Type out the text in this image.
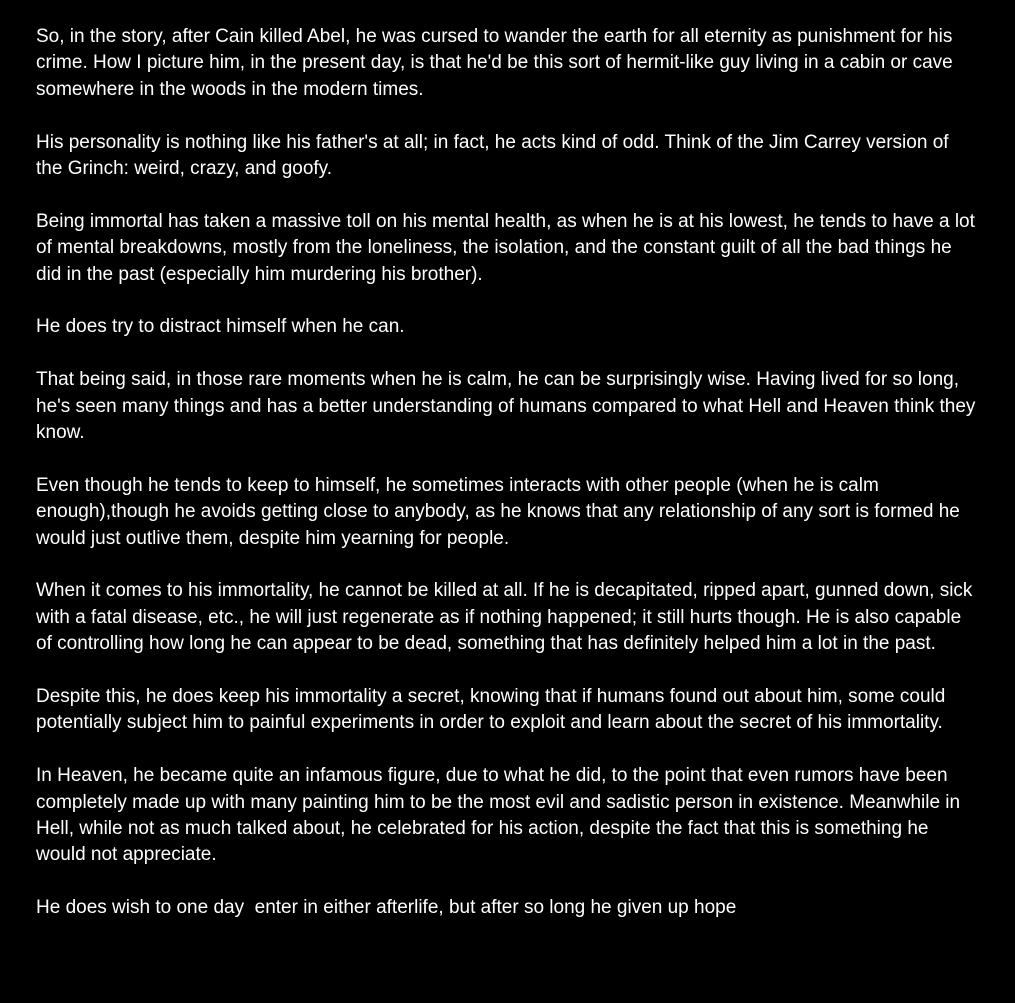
So, in the story, after Cain killed Abel, he was cursed to wander the earth for all eternity as punishment for his crime. How I picture him, in the present day, is that he'd be this sort of hermit-like guy living in a cabin or cave somewhere in the woods in the modern times.

His personality is nothing like his father's at all; in fact, he acts kind of odd. Think of the Jim Carrey version of the Grinch: weird, crazy, and goofy.

Being immortal has taken a massive toll on his mental health, as when he is at his lowest, he tends to have a lot of mental breakdowns, mostly from the loneliness, the isolation, and the constant guilt of all the bad things he did in the past (especially him murdering his brother).

He does try to distract himself when he can.

That being said, in those rare moments when he is calm, he can be surprisingly wise. Having lived for so long, he's seen many things and has a better understanding of humans compared to what Hell and Heaven think they know.

Even though he tends to keep to himself, he sometimes interacts with other people (when he is calm enough),though he avoids getting close to anybody, as he knows that any relationship of any sort is formed he would just outlive them, despite him yearning for people.

When it comes to his immortality, he cannot be killed at all. If he is decapitated, ripped apart, gunned down, sick with a fatal disease, etc., he will just regenerate as if nothing happened; it still hurts though. He is also capable of controlling how long he can appear to be dead, something that has definitely helped him a lot in the past.

Despite this, he does keep his immortality a secret, knowing that if humans found out about him, some could potentially subject him to painful experiments in order to exploit and learn about the secret of his immortality.

In Heaven, he became quite an infamous figure, due to what he did, to the point that even rumors have been completely made up with many painting him to be the most evil and sadistic person in existence. Meanwhile in Hell, while not as much talked about, he celebrated for his action, despite the fact that this is something he would not appreciate.

He does wish to one day  enter in either afterlife, but after so long he given up hope
